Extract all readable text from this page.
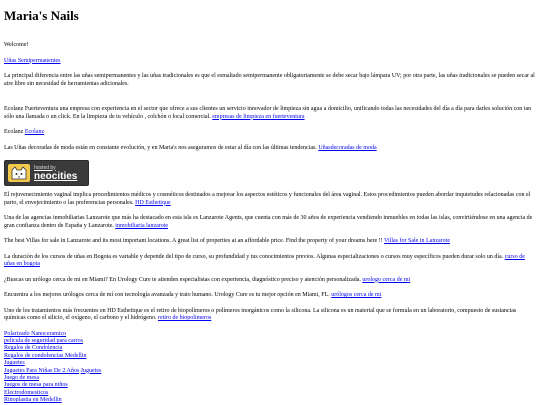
Maria's Nails

Welcome!

Uñas Semipermanentes

La principal diferencia entre las uñas semipermanentes y las uñas tradicionales es que el esmaltado semipermanente obligatoriamente se debe secar bajo lámpara UV; por otra parte, las uñas tradicionales se pueden secar al aire libre sin necesidad de herramientas adicionales.

Ecolanz Fuerteventura una empresa con experiencia en el sector que ofrece a sus clientes un servicio innovador de limpieza sin agua a domicilio, unificando todas las necesidades del día a día para darles solución con tan sólo una llamada o un click. En la limpieza de tu vehículo , colchón o local comercial. empresas de limpieza en fuerteventura

Ecolanz Ecolanz

Las Uñas decoradas de moda están en constante evolución, y en Maria's nos aseguramos de estar al día con las últimas tendencias. Uñasdecoradas de moda

hosted by
neocities

El rejuvenecimiento vaginal implica procedimientos médicos y cosméticos destinados a mejorar los aspectos estéticos y funcionales del área vaginal. Estos procedimientos pueden abordar inquietudes relacionadas con el parto, el envejecimiento o las preferencias personales. HD Esthetique

Una de las agencias inmobiliarias Lanzarote que más ha destacado en esta isla es Lanzarote Agents, que cuenta con más de 30 años de experiencia vendiendo inmuebles en todas las islas, convirtiéndose en una agencia de gran confianza dentro de España y Lanzarote. inmobiliaria lanzarote

The best Villas for sale in Lanzarote and its most important locations. A great list of properties at an affordable price. Find the property of your dreams here !! Villas for Sale in Lanzarote

La duración de los cursos de uñas en Bogota es variable y depende del tipo de curso, su profundidad y tus conocimientos previos. Algunas especializaciones o cursos muy específicos pueden durar solo un día. curso de uñas en bogota

¿Buscas un urólogo cerca de mi en Miami? En Urology Cure te atienden especialistas con experiencia, diagnóstico preciso y atención personalizada. urologo cerca de mi

Encuentra a los mejores urólogos cerca de mí con tecnología avanzada y trato humano. Urology Cure es tu mejor opción en Miami, FL. urólogos cerca de mi

Uno de los tratamientos más frecuentes en HD Esthetique es el retiro de biopolímeros o polímeros inorgánicos como la silicona. La silicona es un material que se formula en un laboratorio, compuesto de sustancias químicas como el silicio, el oxígeno, el carbono y el hidrógeno. retiro de biopolimeros

Polarizado Nanoceramico
pelicula de seguridad para carros
Regalos de Condolencia
Regalos de condolencias Medellin
Juguetes
Juguetes Para Niñas De 2 Años Juguetes
Juego de mesa
Juegos de mesa para niños
Electrodomesticos
Rinoplastia en Medellin
